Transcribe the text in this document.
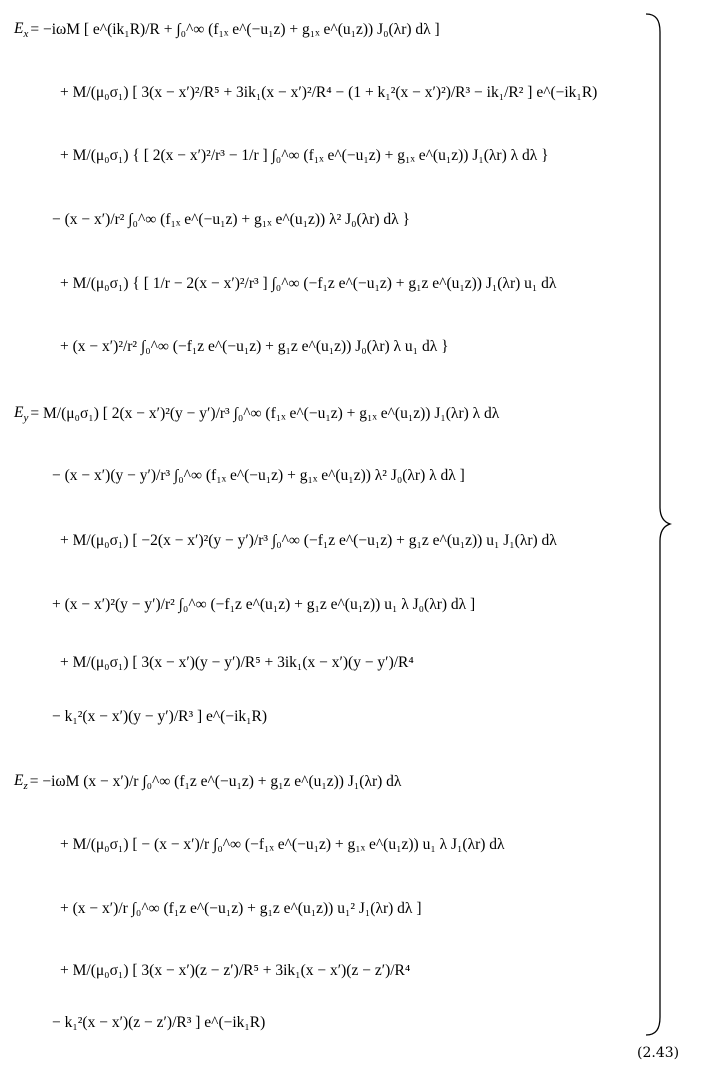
$E_x = -i\omega M$ [ e^(ik₁R)/R + ∫₀^∞ (f₁ₓ e^(−u₁z) + g₁ₓ e^(u₁z)) J₀(λr) dλ ]
+ M/(μ₀σ₁) [ 3(x − x′)²/R⁵ + 3ik₁(x − x′)²/R⁴ − (1 + k₁²(x − x′)²)/R³ − ik₁/R² ] e^(−ik₁R)
+ M/(μ₀σ₁) { [ 2(x − x′)²/r³ − 1/r ] ∫₀^∞ (f₁ₓ e^(−u₁z) + g₁ₓ e^(u₁z)) J₁(λr) λ dλ }
− (x − x′)/r² ∫₀^∞ (f₁ₓ e^(−u₁z) + g₁ₓ e^(u₁z)) λ² J₀(λr) dλ }
+ M/(μ₀σ₁) { [ 1/r − 2(x − x′)²/r³ ] ∫₀^∞ (−f₁z e^(−u₁z) + g₁z e^(u₁z)) J₁(λr) u₁ dλ
+ (x − x′)²/r² ∫₀^∞ (−f₁z e^(−u₁z) + g₁z e^(u₁z)) J₀(λr) λ u₁ dλ }
$E_y = M/(\mu_0\sigma_1)$ [ 2(x − x′)²(y − y′)/r³ ∫₀^∞ (f₁ₓ e^(−u₁z) + g₁ₓ e^(u₁z)) J₁(λr) λ dλ
− (x − x′)(y − y′)/r³ ∫₀^∞ (f₁ₓ e^(−u₁z) + g₁ₓ e^(u₁z)) λ² J₀(λr) λ dλ ]
+ M/(μ₀σ₁) [ −2(x − x′)²(y − y′)/r³ ∫₀^∞ (−f₁z e^(−u₁z) + g₁z e^(u₁z)) u₁ J₁(λr) dλ
+ (x − x′)²(y − y′)/r² ∫₀^∞ (−f₁z e^(u₁z) + g₁z e^(u₁z)) u₁ λ J₀(λr) dλ ]
+ M/(μ₀σ₁) [ 3(x − x′)(y − y′)/R⁵ + 3ik₁(x − x′)(y − y′)/R⁴
− k₁²(x − x′)(y − y′)/R³ ] e^(−ik₁R)
$E_z = -i\omega M$ (x − x′)/r ∫₀^∞ (f₁z e^(−u₁z) + g₁z e^(u₁z)) J₁(λr) dλ
+ M/(μ₀σ₁) [ − (x − x′)/r ∫₀^∞ (−f₁ₓ e^(−u₁z) + g₁ₓ e^(u₁z)) u₁ λ J₁(λr) dλ
+ (x − x′)/r ∫₀^∞ (f₁z e^(−u₁z) + g₁z e^(u₁z)) u₁² J₁(λr) dλ ]
+ M/(μ₀σ₁) [ 3(x − x′)(z − z′)/R⁵ + 3ik₁(x − x′)(z − z′)/R⁴
− k₁²(x − x′)(z − z′)/R³ ] e^(−ik₁R)
(2.43)
